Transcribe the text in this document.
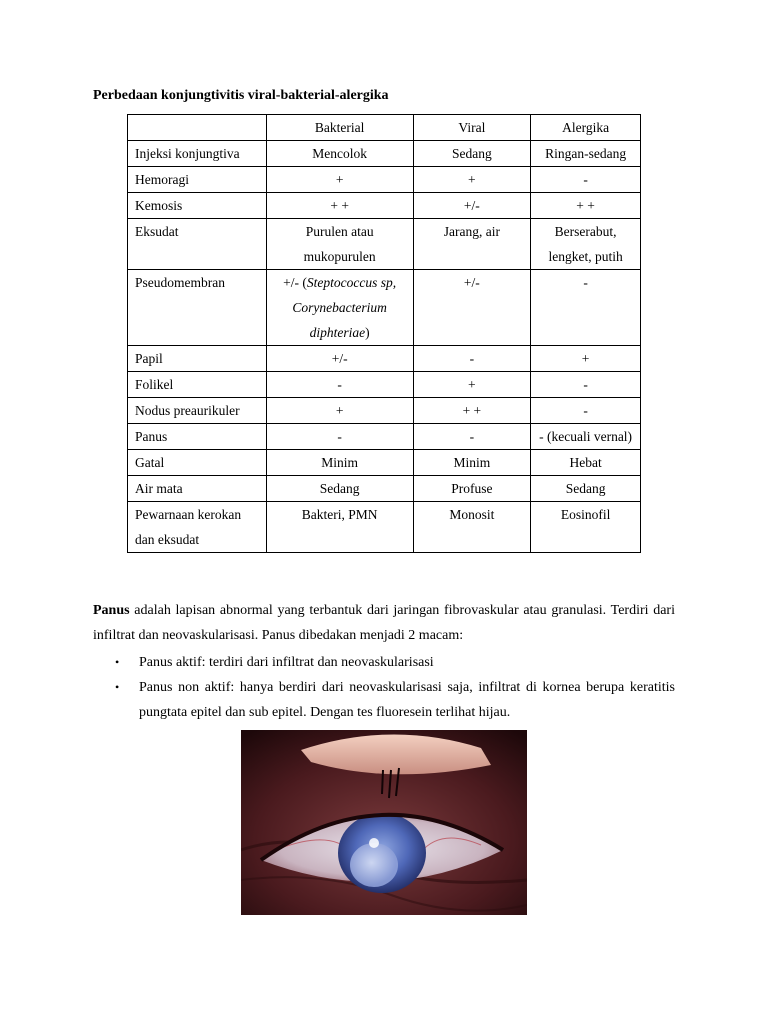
Perbedaan konjungtivitis viral-bakterial-alergika
	Bakterial	Viral	Alergika
Injeksi konjungtiva	Mencolok	Sedang	Ringan-sedang
Hemoragi	+	+	-
Kemosis	+ +	+/-	+ +
Eksudat	Purulen atau mukopurulen	Jarang, air	Berserabut, lengket, putih
Pseudomembran	+/- (Steptococcus sp, Corynebacterium diphteriae)	+/-	-
Papil	+/-	-	+
Folikel	-	+	-
Nodus preaurikuler	+	+ +	-
Panus	-	-	- (kecuali vernal)
Gatal	Minim	Minim	Hebat
Air mata	Sedang	Profuse	Sedang
Pewarnaan kerokan dan eksudat	Bakteri, PMN	Monosit	Eosinofil

Panus adalah lapisan abnormal yang terbantuk dari jaringan fibrovaskular atau granulasi. Terdiri dari infiltrat dan neovaskularisasi. Panus dibedakan menjadi 2 macam:

• Panus aktif: terdiri dari infiltrat dan neovaskularisasi
• Panus non aktif: hanya berdiri dari neovaskularisasi saja, infiltrat di kornea berupa keratitis pungtata epitel dan sub epitel. Dengan tes fluoresein terlihat hijau.
